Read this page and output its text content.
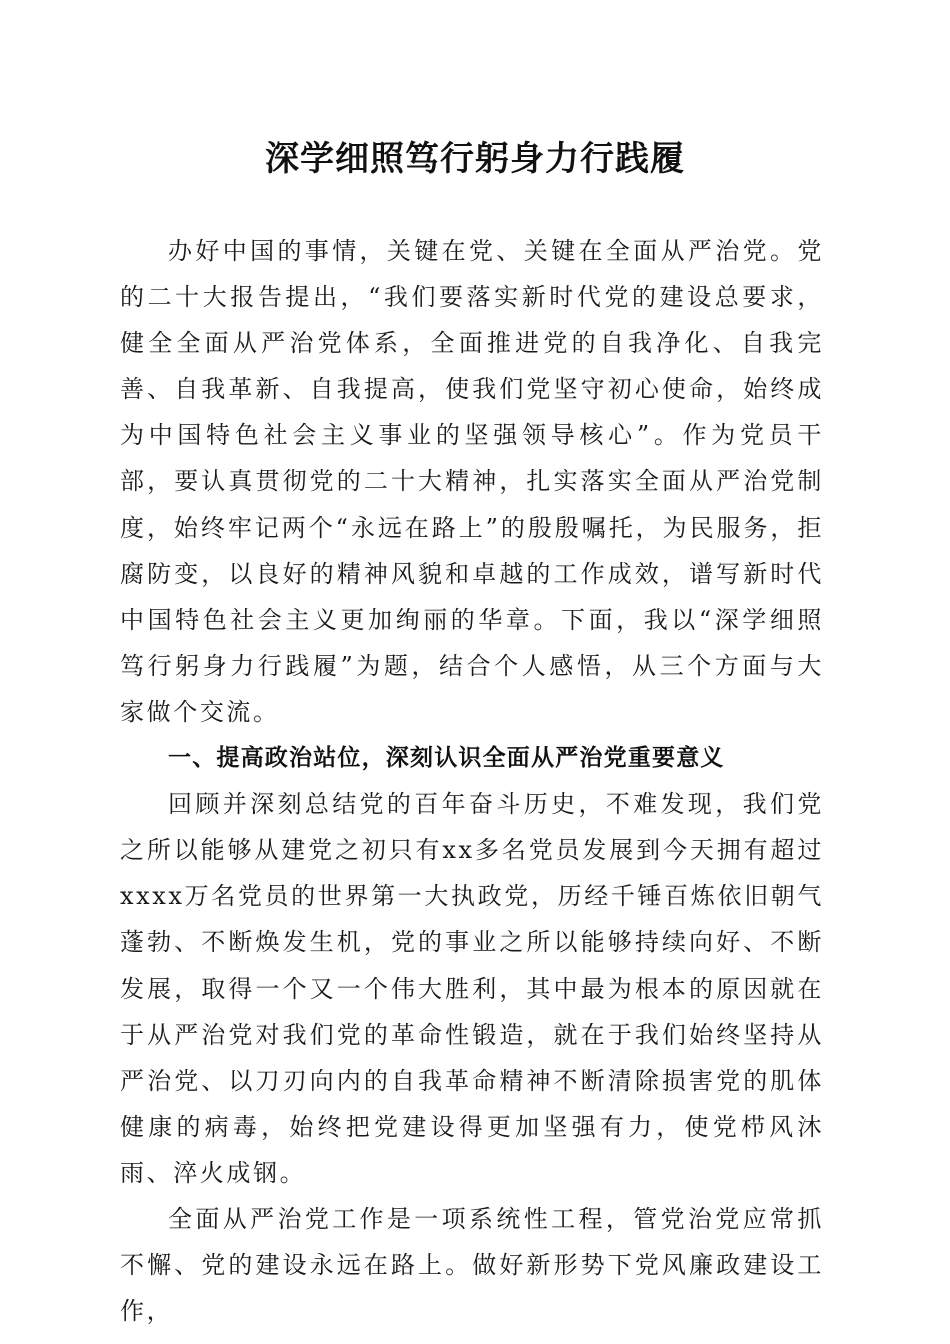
深学细照笃行躬身力行践履

办好中国的事情，关键在党、关键在全面从严治党。党的二十大报告提出，“我们要落实新时代党的建设总要求，健全全面从严治党体系，全面推进党的自我净化、自我完善、自我革新、自我提高，使我们党坚守初心使命，始终成为中国特色社会主义事业的坚强领导核心”。作为党员干部，要认真贯彻党的二十大精神，扎实落实全面从严治党制度，始终牢记两个“永远在路上”的殷殷嘱托，为民服务，拒腐防变，以良好的精神风貌和卓越的工作成效，谱写新时代中国特色社会主义更加绚丽的华章。下面，我以“深学细照笃行躬身力行践履”为题，结合个人感悟，从三个方面与大家做个交流。

一、提高政治站位，深刻认识全面从严治党重要意义

回顾并深刻总结党的百年奋斗历史，不难发现，我们党之所以能够从建党之初只有xx多名党员发展到今天拥有超过xxxx万名党员的世界第一大执政党，历经千锤百炼依旧朝气蓬勃、不断焕发生机，党的事业之所以能够持续向好、不断发展，取得一个又一个伟大胜利，其中最为根本的原因就在于从严治党对我们党的革命性锻造，就在于我们始终坚持从严治党、以刀刃向内的自我革命精神不断清除损害党的肌体健康的病毒，始终把党建设得更加坚强有力，使党栉风沐雨、淬火成钢。

全面从严治党工作是一项系统性工程，管党治党应常抓不懈、党的建设永远在路上。做好新形势下党风廉政建设工作，
